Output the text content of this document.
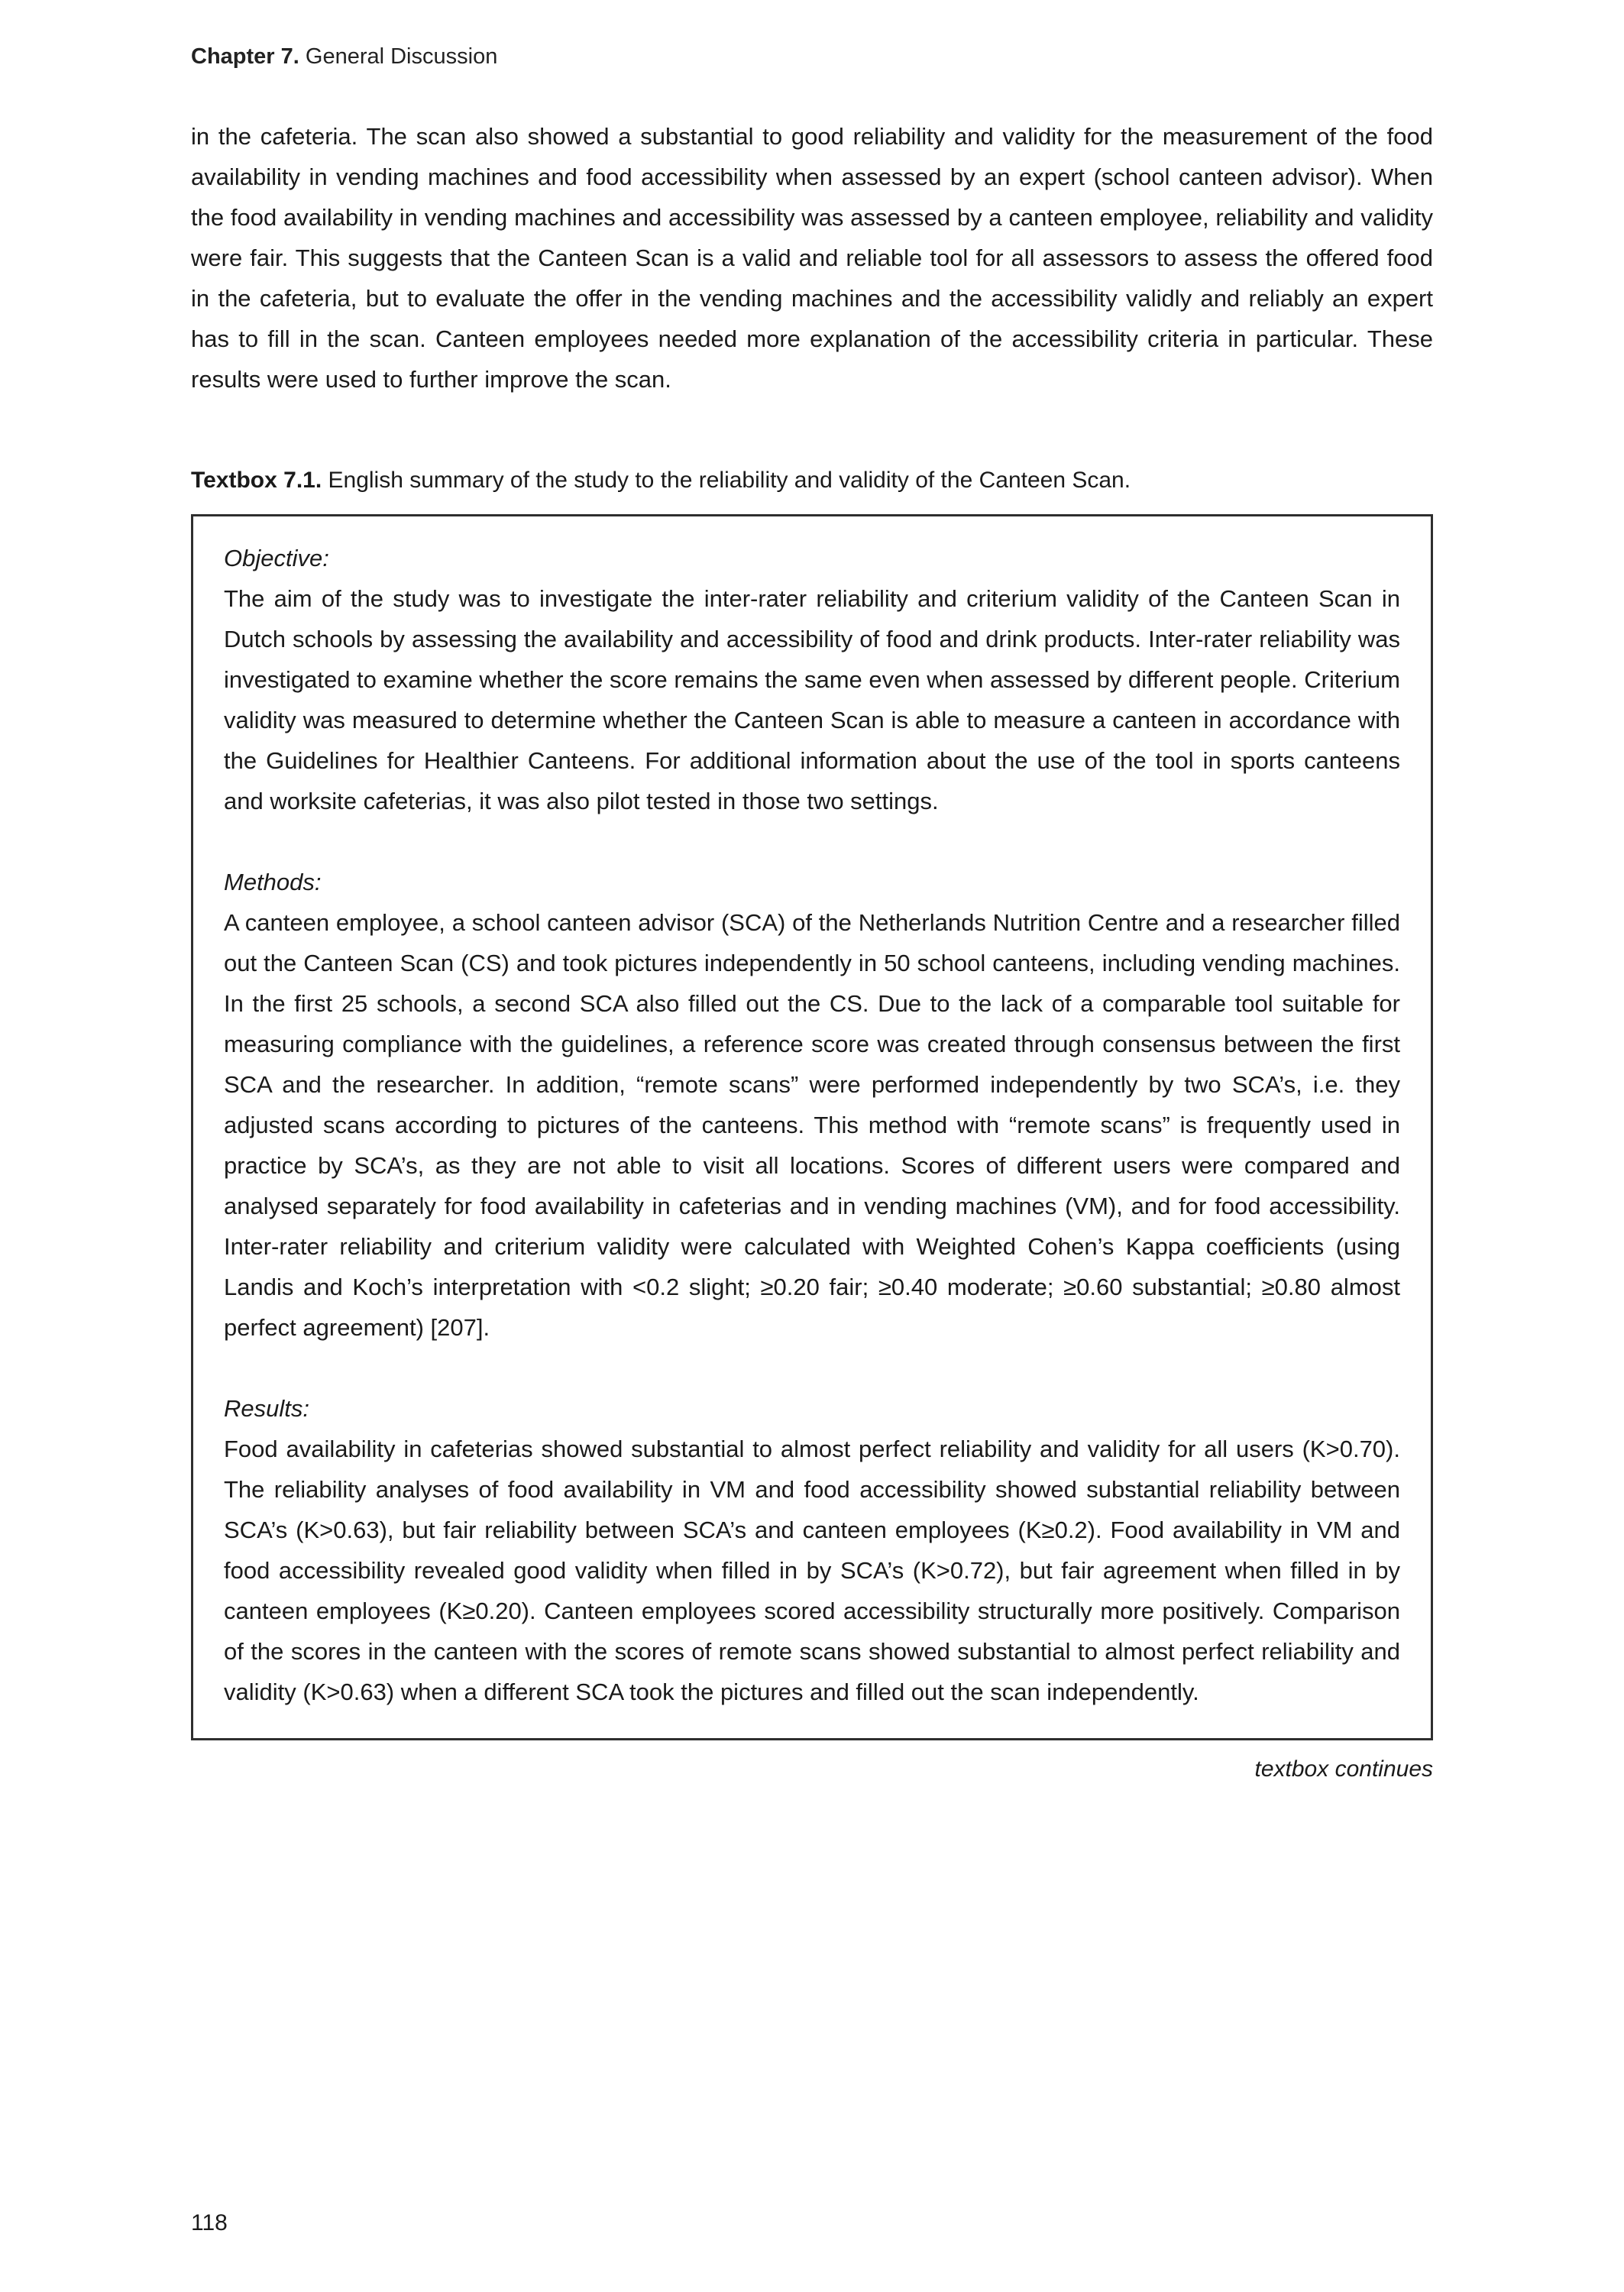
Chapter 7. General Discussion

in the cafeteria. The scan also showed a substantial to good reliability and validity for the measurement of the food availability in vending machines and food accessibility when assessed by an expert (school canteen advisor). When the food availability in vending machines and accessibility was assessed by a canteen employee, reliability and validity were fair. This suggests that the Canteen Scan is a valid and reliable tool for all assessors to assess the offered food in the cafeteria, but to evaluate the offer in the vending machines and the accessibility validly and reliably an expert has to fill in the scan. Canteen employees needed more explanation of the accessibility criteria in particular. These results were used to further improve the scan.

Textbox 7.1. English summary of the study to the reliability and validity of the Canteen Scan.

Objective:
The aim of the study was to investigate the inter-rater reliability and criterium validity of the Canteen Scan in Dutch schools by assessing the availability and accessibility of food and drink products. Inter-rater reliability was investigated to examine whether the score remains the same even when assessed by different people. Criterium validity was measured to determine whether the Canteen Scan is able to measure a canteen in accordance with the Guidelines for Healthier Canteens. For additional information about the use of the tool in sports canteens and worksite cafeterias, it was also pilot tested in those two settings.
Methods:
A canteen employee, a school canteen advisor (SCA) of the Netherlands Nutrition Centre and a researcher filled out the Canteen Scan (CS) and took pictures independently in 50 school canteens, including vending machines. In the first 25 schools, a second SCA also filled out the CS. Due to the lack of a comparable tool suitable for measuring compliance with the guidelines, a reference score was created through consensus between the first SCA and the researcher. In addition, “remote scans” were performed independently by two SCA’s, i.e. they adjusted scans according to pictures of the canteens. This method with “remote scans” is frequently used in practice by SCA’s, as they are not able to visit all locations. Scores of different users were compared and analysed separately for food availability in cafeterias and in vending machines (VM), and for food accessibility. Inter-rater reliability and criterium validity were calculated with Weighted Cohen’s Kappa coefficients (using Landis and Koch’s interpretation with <0.2 slight; ≥0.20 fair; ≥0.40 moderate; ≥0.60 substantial; ≥0.80 almost perfect agreement) [207].
Results:
Food availability in cafeterias showed substantial to almost perfect reliability and validity for all users (K>0.70). The reliability analyses of food availability in VM and food accessibility showed substantial reliability between SCA’s (K>0.63), but fair reliability between SCA’s and canteen employees (K≥0.2). Food availability in VM and food accessibility revealed good validity when filled in by SCA’s (K>0.72), but fair agreement when filled in by canteen employees (K≥0.20). Canteen employees scored accessibility structurally more positively. Comparison of the scores in the canteen with the scores of remote scans showed substantial to almost perfect reliability and validity (K>0.63) when a different SCA took the pictures and filled out the scan independently.
textbox continues
118
